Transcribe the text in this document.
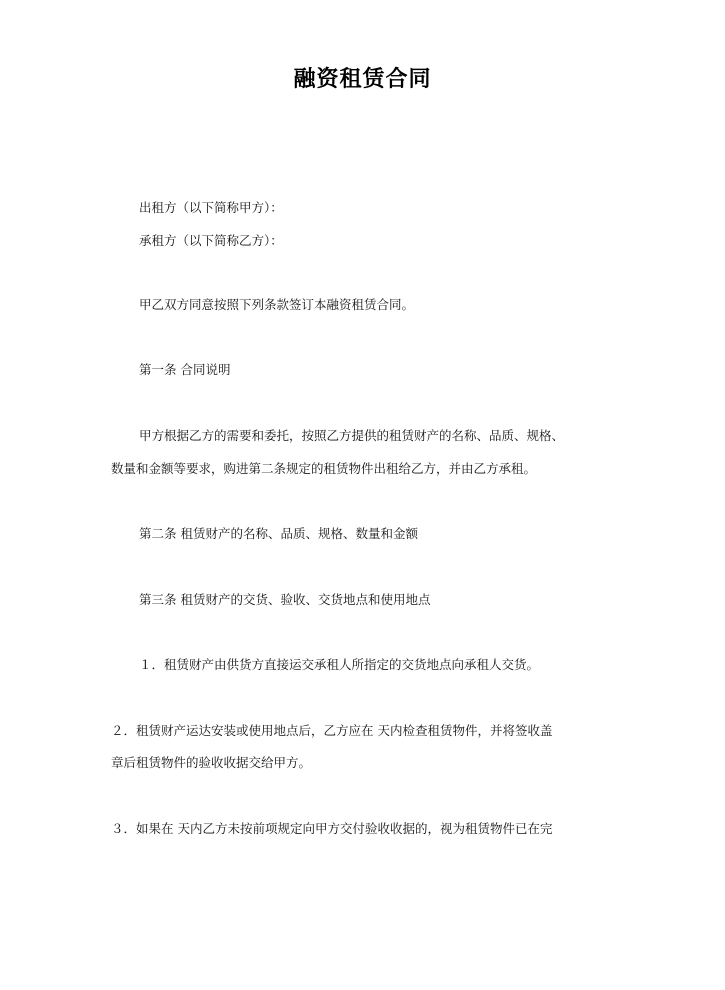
融资租赁合同
出租方（以下简称甲方）：
承租方（以下简称乙方）：
甲乙双方同意按照下列条款签订本融资租赁合同。
第一条 合同说明
甲方根据乙方的需要和委托，按照乙方提供的租赁财产的名称、品质、规格、
数量和金额等要求，购进第二条规定的租赁物件出租给乙方，并由乙方承租。
第二条 租赁财产的名称、品质、规格、数量和金额
第三条 租赁财产的交货、验收、交货地点和使用地点
１．租赁财产由供货方直接运交承租人所指定的交货地点向承租人交货。
２．租赁财产运达安装或使用地点后，乙方应在 天内检查租赁物件，并将签收盖
章后租赁物件的验收收据交给甲方。
３．如果在 天内乙方未按前项规定向甲方交付验收收据的，视为租赁物件已在完
